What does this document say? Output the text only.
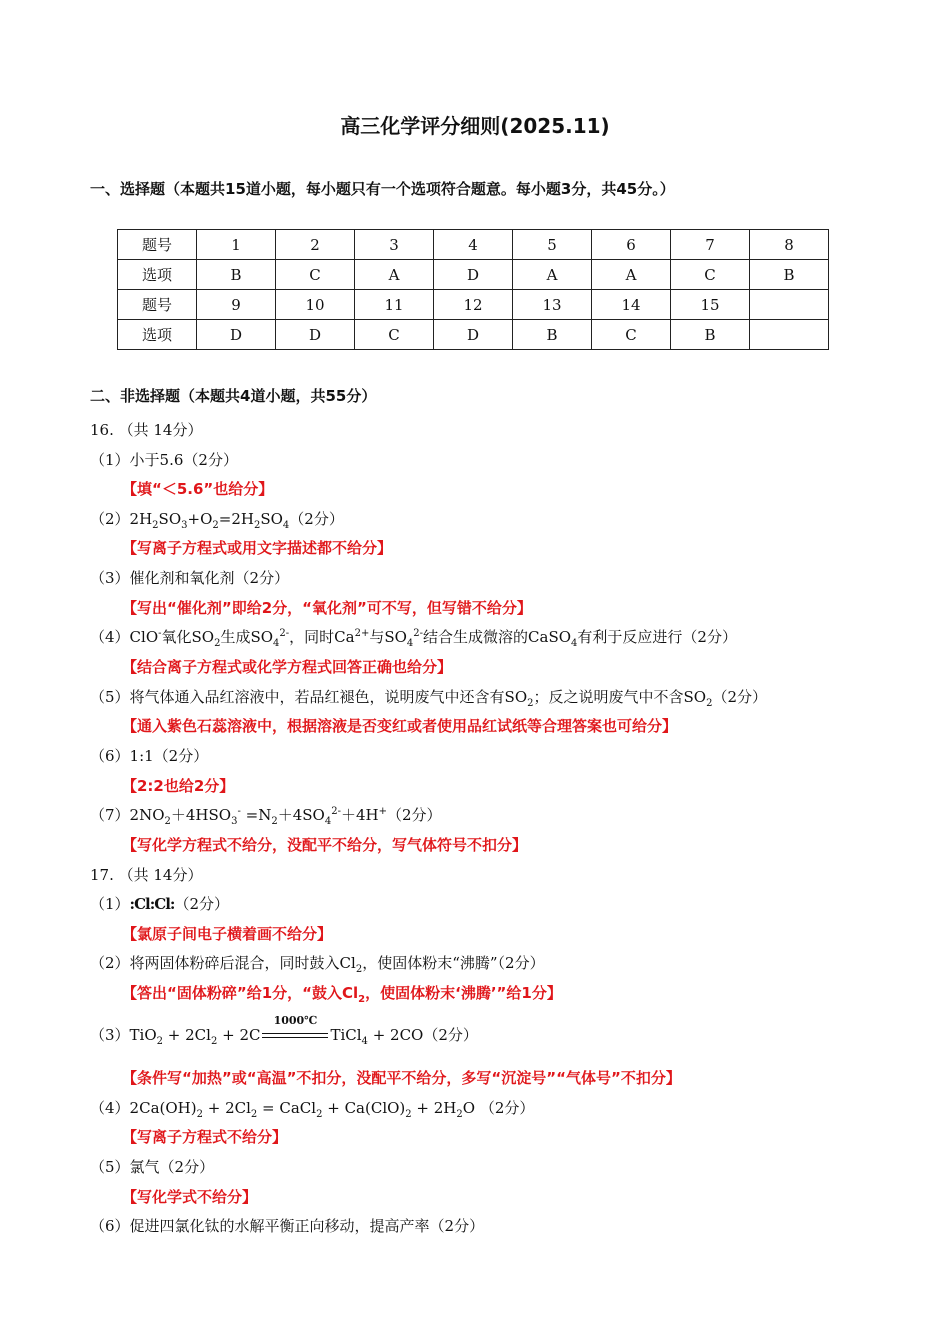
高三化学评分细则(2025.11)
一、选择题（本题共15道小题，每小题只有一个选项符合题意。每小题3分，共45分。）
题号	1	2	3	4	5	6	7	8
选项	B	C	A	D	A	A	C	B
题号	9	10	11	12	13	14	15	
选项	D	D	C	D	B	C	B	
二、非选择题（本题共4道小题，共55分）
16. （共 14分）
（1）小于5.6（2分）
【填“＜5.6”也给分】
$(2)2H_2SO_3+O_2=2H_2SO_4(2$分）
【写离子方程式或用文字描述都不给分】
（3）催化剂和氧化剂（2分）
【写出“催化剂”即给2分，“氧化剂”可不写，但写错不给分】
（4）ClO-氧化$SO_2$生成$SO_4^{2-}$，同时$Ca^{2+}$与$SO_4^{2-}$结合生成微溶的CaSO$_4$有利于反应进行（2分）
【结合离子方程式或化学方程式回答正确也给分】
（5）将气体通入品红溶液中，若品红褪色，说明废气中还含有$SO_2$；反之说明废气中不含$SO_2(2$分）
【通入紫色石蕊溶液中，根据溶液是否变红或者使用品红试纸等合理答案也可给分】
（6）1:1（2分）
【2:2也给2分】
$(7)2NO_2+4HSO_3^- =N_2+4SO_4^{2-}+4H^+(2$分）
【写化学方程式不给分，没配平不给分，写气体符号不扣分】
17. （共 14分）
（1）:Cl:Cl:（2分）
【氯原子间电子横着画不给分】
（2）将两固体粉碎后混合，同时鼓入$Cl_2$，使固体粉末“沸腾”（2分）
【答出“固体粉碎”给1分，“鼓入$Cl_2$，使固体粉末‘沸腾’”给1分】
$(3)TiO_2 + 2Cl_2 + 2C$
1000℃
TiCl$_4$ + 2CO（2分）
【条件写“加热”或“高温”不扣分，没配平不给分，多写“沉淀号”“气体号”不扣分】
$(4)2Ca(OH)_2 + 2Cl_2$ = CaCl$_2$ + $Ca(ClO)_2 + 2H_2O$ （2分）
【写离子方程式不给分】
（5）氯气（2分）
【写化学式不给分】
（6）促进四氯化钛的水解平衡正向移动，提高产率（2分）
